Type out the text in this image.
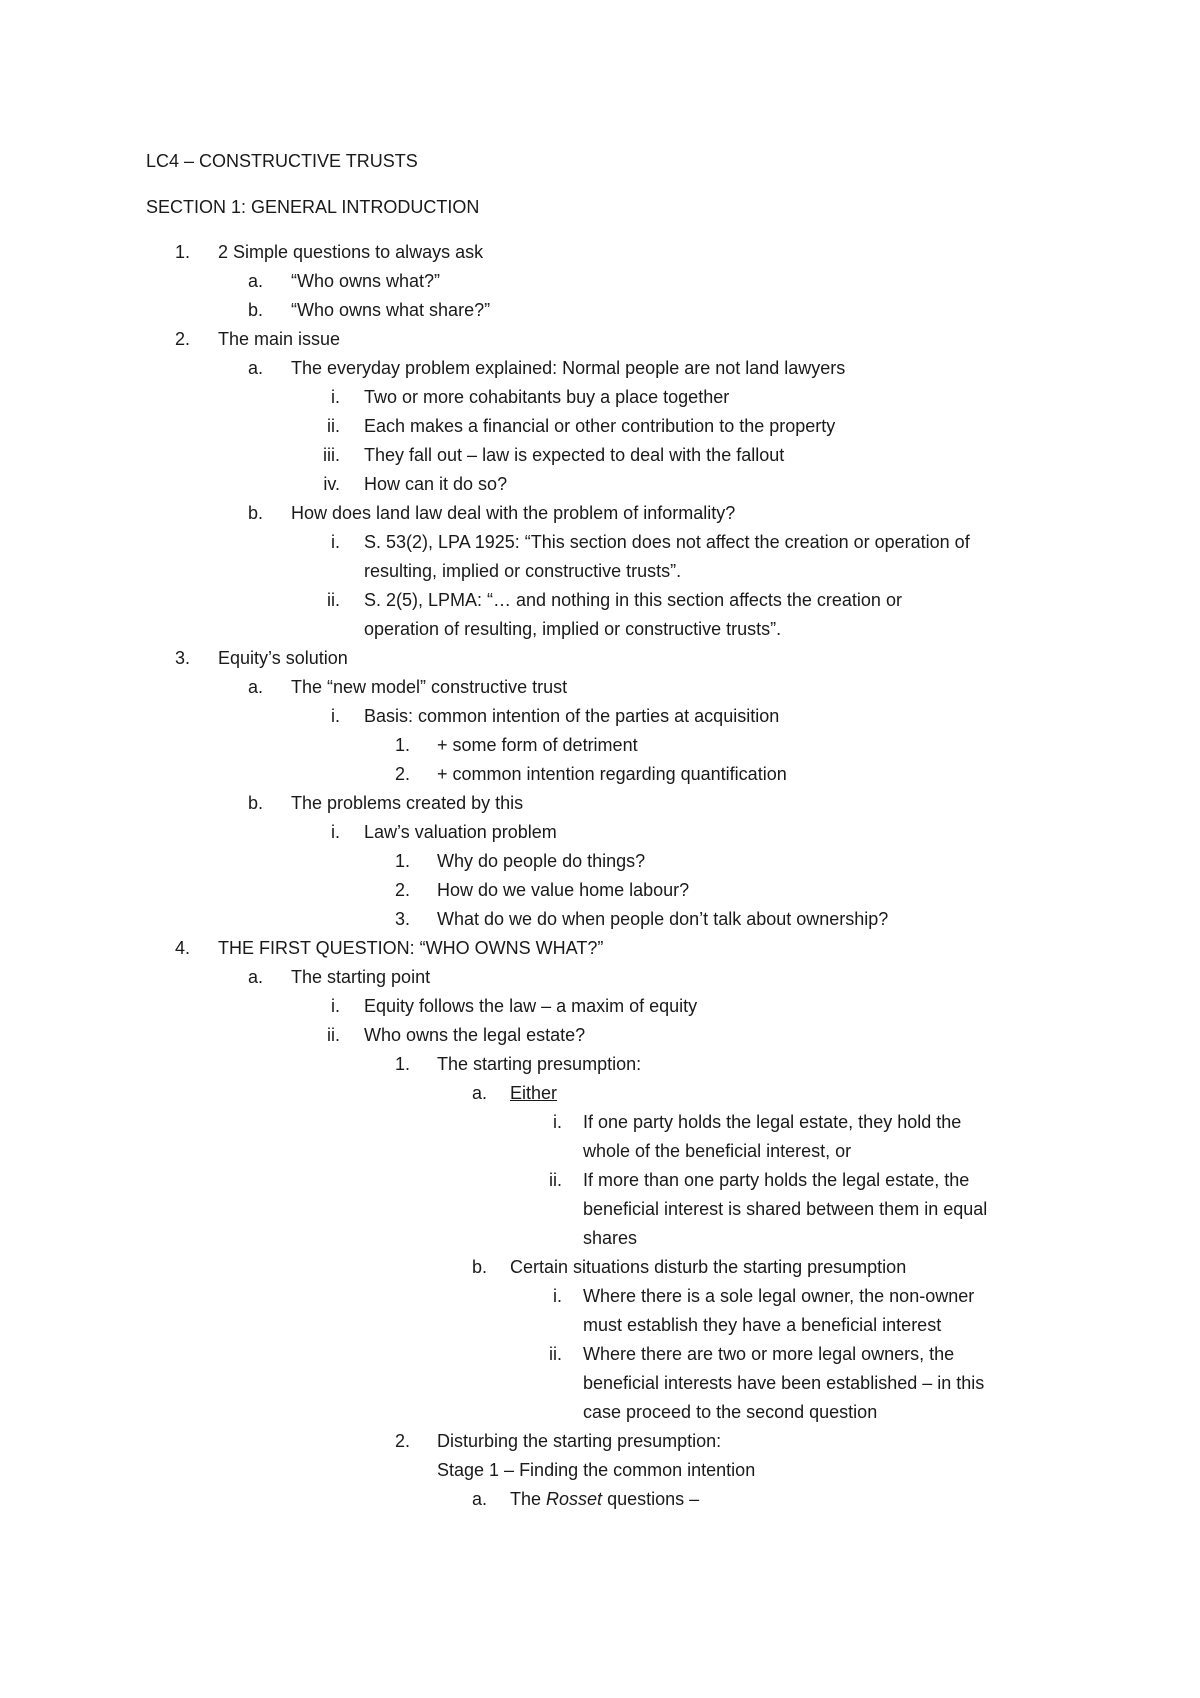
LC4 – CONSTRUCTIVE TRUSTS
SECTION 1: GENERAL INTRODUCTION
1. 2 Simple questions to always ask
a. “Who owns what?”
b. “Who owns what share?”
2. The main issue
a. The everyday problem explained: Normal people are not land lawyers
i. Two or more cohabitants buy a place together
ii. Each makes a financial or other contribution to the property
iii. They fall out – law is expected to deal with the fallout
iv. How can it do so?
b. How does land law deal with the problem of informality?
i. S. 53(2), LPA 1925: “This section does not affect the creation or operation of
resulting, implied or constructive trusts”.
ii. S. 2(5), LPMA: “… and nothing in this section affects the creation or
operation of resulting, implied or constructive trusts”.
3. Equity’s solution
a. The “new model” constructive trust
i. Basis: common intention of the parties at acquisition
1. + some form of detriment
2. + common intention regarding quantification
b. The problems created by this
i. Law’s valuation problem
1. Why do people do things?
2. How do we value home labour?
3. What do we do when people don’t talk about ownership?
4. THE FIRST QUESTION: “WHO OWNS WHAT?”
a. The starting point
i. Equity follows the law – a maxim of equity
ii. Who owns the legal estate?
1. The starting presumption:
a. Either
i. If one party holds the legal estate, they hold the
whole of the beneficial interest, or
ii. If more than one party holds the legal estate, the
beneficial interest is shared between them in equal
shares
b. Certain situations disturb the starting presumption
i. Where there is a sole legal owner, the non-owner
must establish they have a beneficial interest
ii. Where there are two or more legal owners, the
beneficial interests have been established – in this
case proceed to the second question
2. Disturbing the starting presumption:
Stage 1 – Finding the common intention
a. The Rosset questions –
